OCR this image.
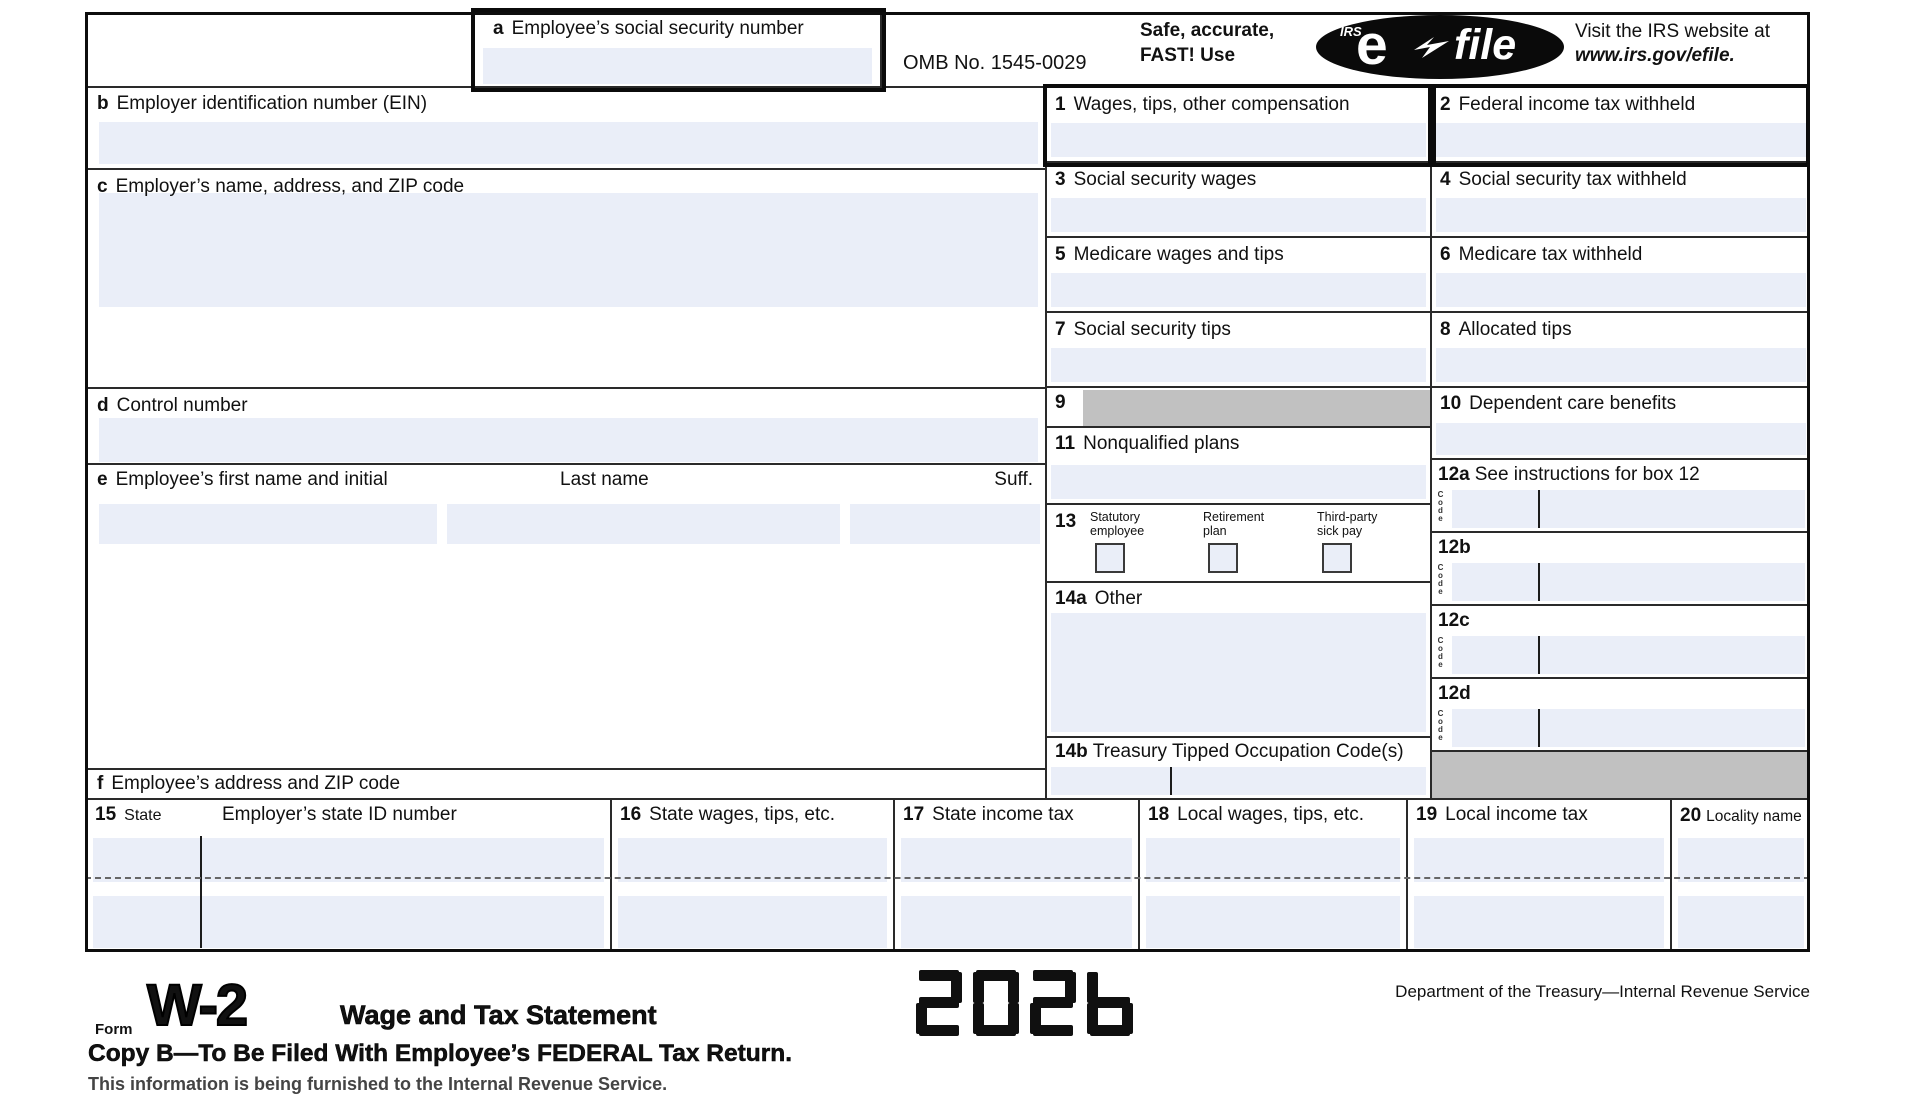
a Employee’s social security number
b Employer identification number (EIN)
c Employer’s name, address, and ZIP code
d Control number
e Employee’s first name and initial	Last name	Suff.
f Employee’s address and ZIP code
1 Wages, tips, other compensation
3 Social security wages
5 Medicare wages and tips
7 Social security tips
9
11 Nonqualified plans
13	Statutory employee
Retirement plan
Third-party sick pay
14a Other
14b Treasury Tipped Occupation Code(s)
2 Federal income tax withheld
4 Social security tax withheld
6 Medicare tax withheld
8 Allocated tips
10 Dependent care benefits
Code
12a See instructions for box 12
Code
12b
Code
12c
Code
12d
15 State	Employer’s state ID number	16 State wages, tips, etc.	17 State income tax	18 Local wages, tips, etc.	19 Local income tax	20 Locality name
OMB No. 1545-0029
Safe, accurate,
FAST! Use
IRS
e file	Visit the IRS website at
www.irs.gov/efile.
Form W-2	Wage and Tax Statement
Department of the Treasury—Internal Revenue Service
Copy B—To Be Filed With Employee’s FEDERAL Tax Return.
This information is being furnished to the Internal Revenue Service.
